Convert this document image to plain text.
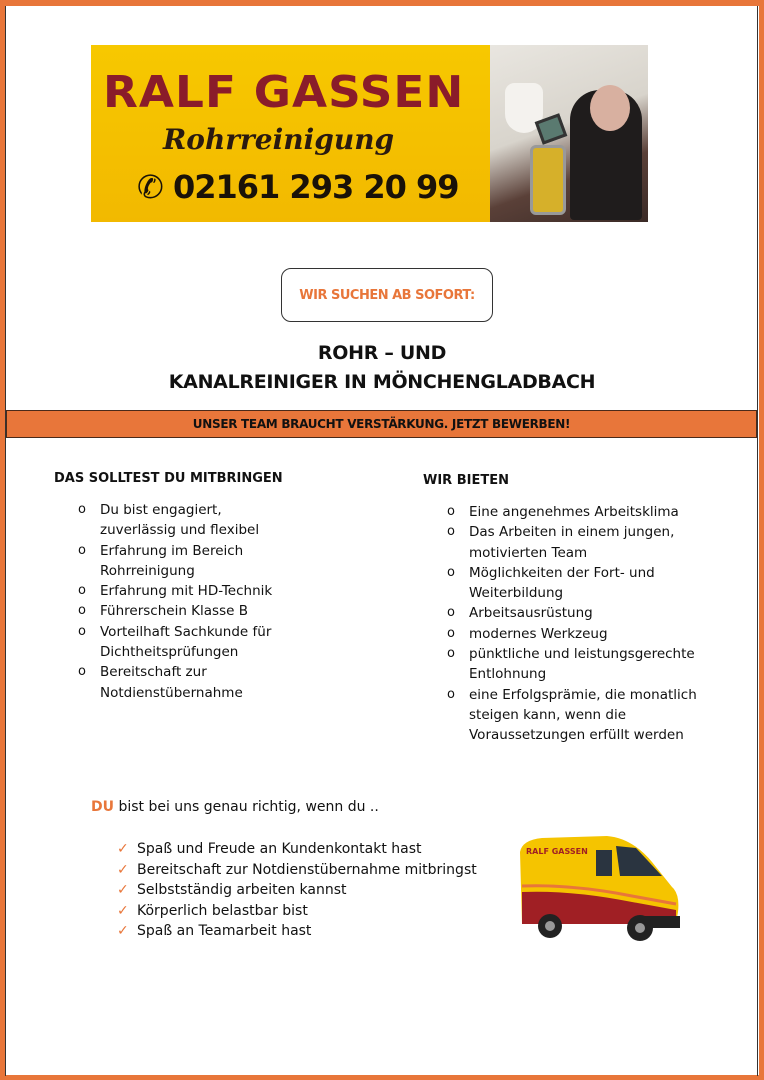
RALF GASSEN
Rohrreinigung
✆ 02161 293 20 99
WIR SUCHEN AB SOFORT:
ROHR – UND
KANALREINIGER IN MÖNCHENGLADBACH
UNSER TEAM BRAUCHT VERSTÄRKUNG. JETZT BEWERBEN!
DAS SOLLTEST DU MITBRINGEN
o Du bist engagiert,
zuverlässig und flexibel
o Erfahrung im Bereich
Rohrreinigung
o Erfahrung mit HD-Technik
o Führerschein Klasse B
o Vorteilhaft Sachkunde für
Dichtheitsprüfungen
o Bereitschaft zur
Notdienstübernahme
WIR BIETEN
o Eine angenehmes Arbeitsklima
o Das Arbeiten in einem jungen,
motivierten Team
o Möglichkeiten der Fort- und
Weiterbildung
o Arbeitsausrüstung
o modernes Werkzeug
o pünktliche und leistungsgerechte
Entlohnung
o eine Erfolgsprämie, die monatlich
steigen kann, wenn die
Voraussetzungen erfüllt werden
DU bist bei uns genau richtig, wenn du ..
✓ Spaß und Freude an Kundenkontakt hast
✓ Bereitschaft zur Notdienstübernahme mitbringst
✓ Selbstständig arbeiten kannst
✓ Körperlich belastbar bist
✓ Spaß an Teamarbeit hast
RALF GASSEN
